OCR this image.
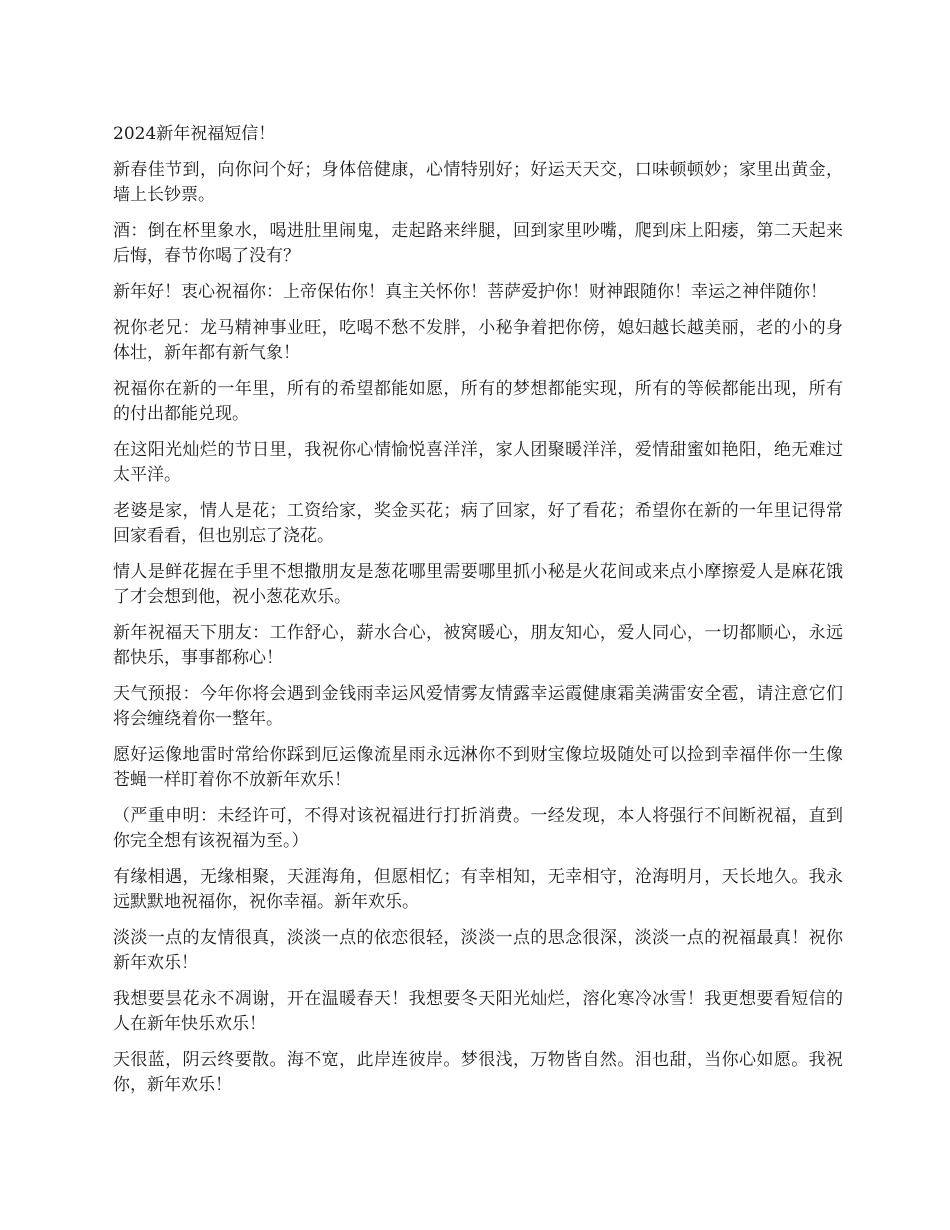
2024新年祝福短信！

新春佳节到，向你问个好；身体倍健康，心情特别好；好运天天交，口味顿顿妙；家里出黄金，墙上长钞票。

酒：倒在杯里象水，喝进肚里闹鬼，走起路来绊腿，回到家里吵嘴，爬到床上阳痿，第二天起来后悔，春节你喝了没有？

新年好！衷心祝福你：上帝保佑你！真主关怀你！菩萨爱护你！财神跟随你！幸运之神伴随你！

祝你老兄：龙马精神事业旺，吃喝不愁不发胖，小秘争着把你傍，媳妇越长越美丽，老的小的身体壮，新年都有新气象！

祝福你在新的一年里，所有的希望都能如愿，所有的梦想都能实现，所有的等候都能出现，所有的付出都能兑现。

在这阳光灿烂的节日里，我祝你心情愉悦喜洋洋，家人团聚暖洋洋，爱情甜蜜如艳阳，绝无难过太平洋。

老婆是家，情人是花；工资给家，奖金买花；病了回家，好了看花；希望你在新的一年里记得常回家看看，但也别忘了浇花。

情人是鲜花握在手里不想撒朋友是葱花哪里需要哪里抓小秘是火花间或来点小摩擦爱人是麻花饿了才会想到他，祝小葱花欢乐。

新年祝福天下朋友：工作舒心，薪水合心，被窝暖心，朋友知心，爱人同心，一切都顺心，永远都快乐，事事都称心！

天气预报：今年你将会遇到金钱雨幸运风爱情雾友情露幸运霞健康霜美满雷安全雹，请注意它们将会缠绕着你一整年。

愿好运像地雷时常给你踩到厄运像流星雨永远淋你不到财宝像垃圾随处可以捡到幸福伴你一生像苍蝇一样盯着你不放新年欢乐！

（严重申明：未经许可，不得对该祝福进行打折消费。一经发现，本人将强行不间断祝福，直到你完全想有该祝福为至。）

有缘相遇，无缘相聚，天涯海角，但愿相忆；有幸相知，无幸相守，沧海明月，天长地久。我永远默默地祝福你，祝你幸福。新年欢乐。

淡淡一点的友情很真，淡淡一点的依恋很轻，淡淡一点的思念很深，淡淡一点的祝福最真！祝你新年欢乐！

我想要昙花永不凋谢，开在温暖春天！我想要冬天阳光灿烂，溶化寒冷冰雪！我更想要看短信的人在新年快乐欢乐！

天很蓝，阴云终要散。海不宽，此岸连彼岸。梦很浅，万物皆自然。泪也甜，当你心如愿。我祝你，新年欢乐！
